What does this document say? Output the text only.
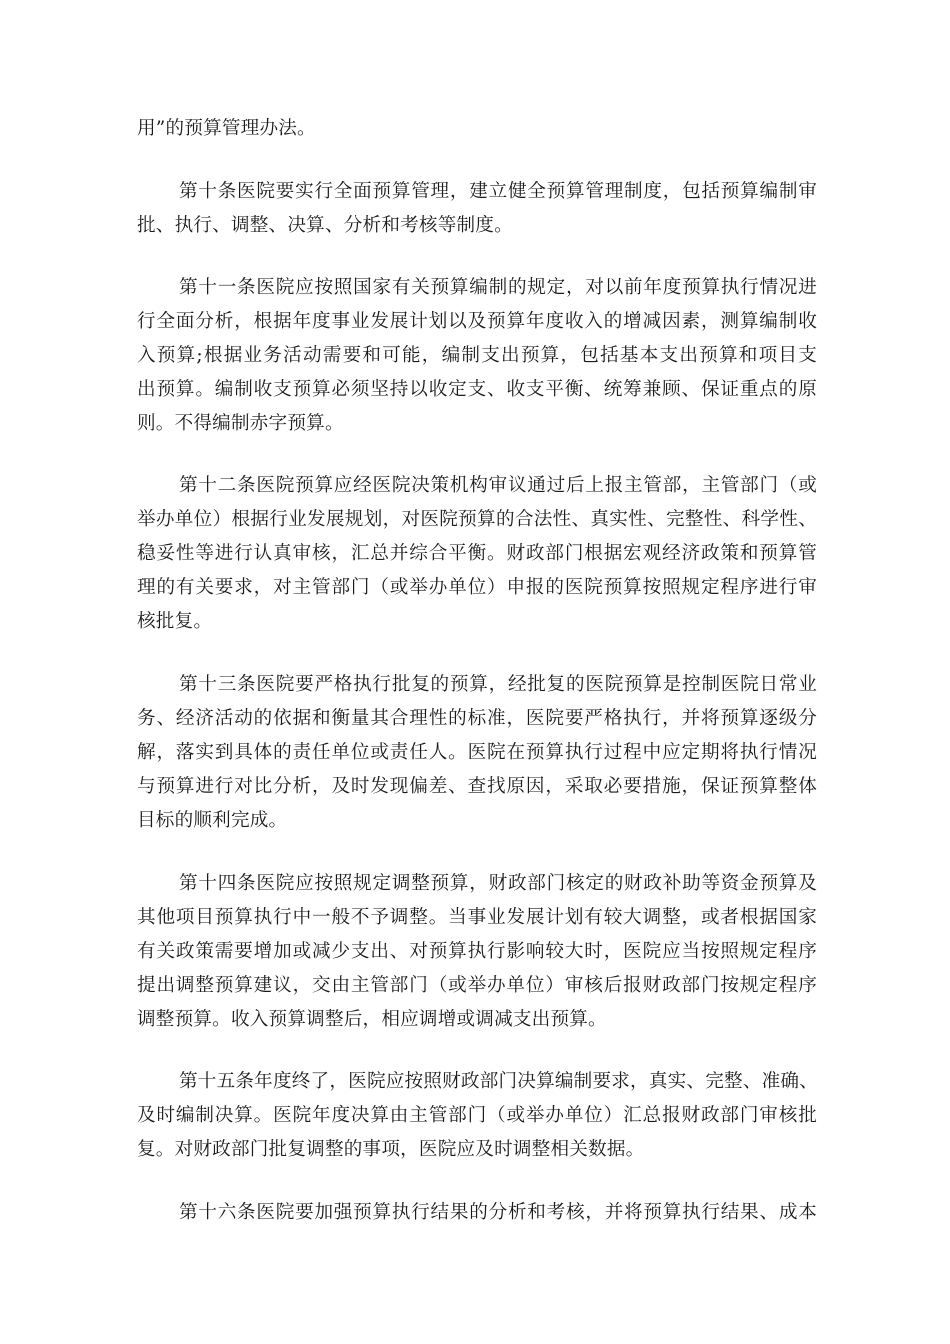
用”的预算管理办法。
第十条医院要实行全面预算管理，建立健全预算管理制度，包括预算编制审
批、执行、调整、决算、分析和考核等制度。
第十一条医院应按照国家有关预算编制的规定，对以前年度预算执行情况进
行全面分析，根据年度事业发展计划以及预算年度收入的增减因素，测算编制收
入预算;根据业务活动需要和可能，编制支出预算，包括基本支出预算和项目支
出预算。编制收支预算必须坚持以收定支、收支平衡、统筹兼顾、保证重点的原
则。不得编制赤字预算。
第十二条医院预算应经医院决策机构审议通过后上报主管部，主管部门（或
举办单位）根据行业发展规划，对医院预算的合法性、真实性、完整性、科学性、
稳妥性等进行认真审核，汇总并综合平衡。财政部门根据宏观经济政策和预算管
理的有关要求，对主管部门（或举办单位）申报的医院预算按照规定程序进行审
核批复。
第十三条医院要严格执行批复的预算，经批复的医院预算是控制医院日常业
务、经济活动的依据和衡量其合理性的标准，医院要严格执行，并将预算逐级分
解，落实到具体的责任单位或责任人。医院在预算执行过程中应定期将执行情况
与预算进行对比分析，及时发现偏差、查找原因，采取必要措施，保证预算整体
目标的顺利完成。
第十四条医院应按照规定调整预算，财政部门核定的财政补助等资金预算及
其他项目预算执行中一般不予调整。当事业发展计划有较大调整，或者根据国家
有关政策需要增加或减少支出、对预算执行影响较大时，医院应当按照规定程序
提出调整预算建议，交由主管部门（或举办单位）审核后报财政部门按规定程序
调整预算。收入预算调整后，相应调增或调减支出预算。
第十五条年度终了，医院应按照财政部门决算编制要求，真实、完整、准确、
及时编制决算。医院年度决算由主管部门（或举办单位）汇总报财政部门审核批
复。对财政部门批复调整的事项，医院应及时调整相关数据。
第十六条医院要加强预算执行结果的分析和考核，并将预算执行结果、成本
